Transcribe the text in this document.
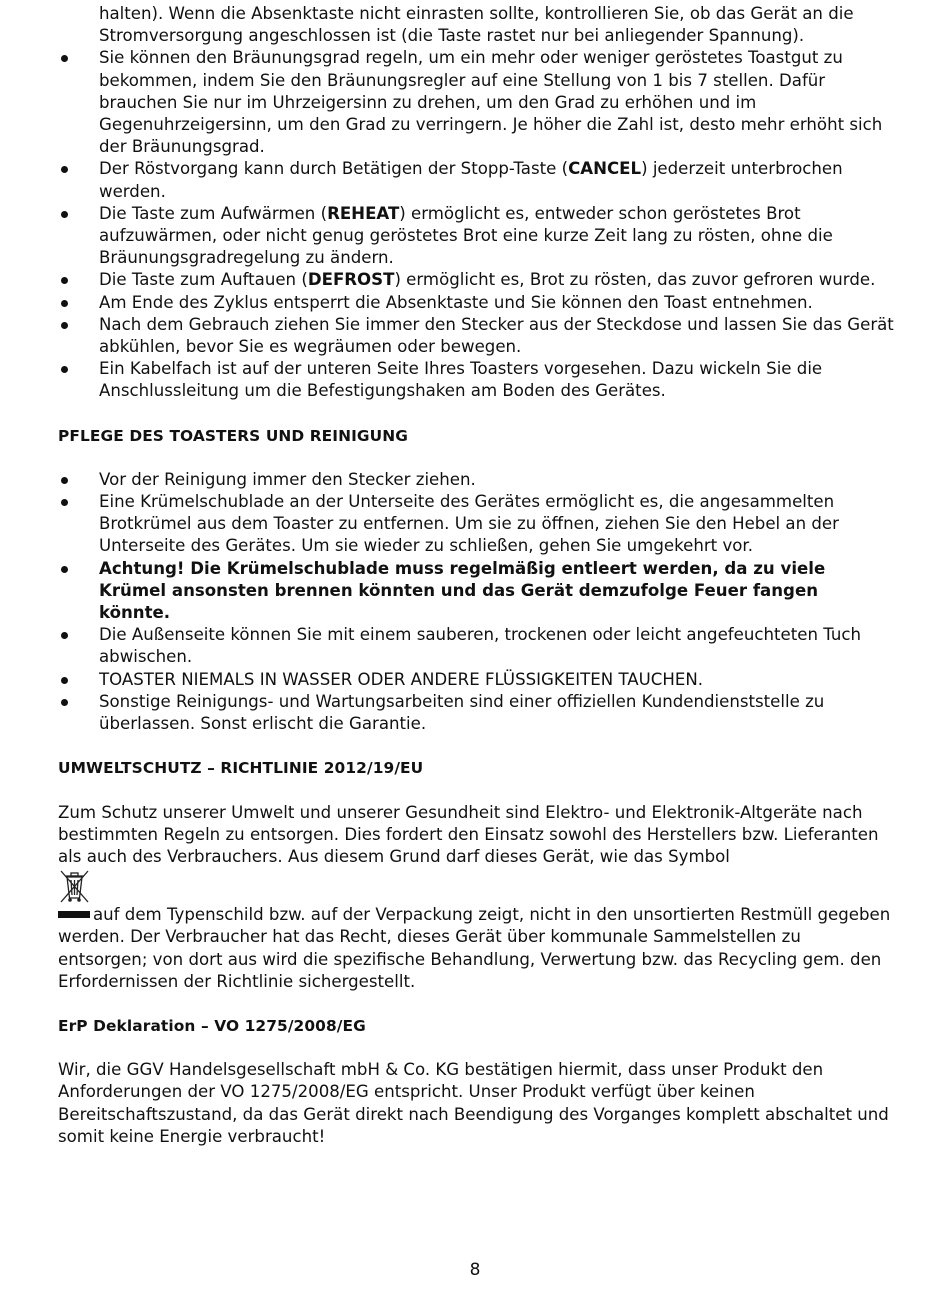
halten). Wenn die Absenktaste nicht einrasten sollte, kontrollieren Sie, ob das Gerät an die Stromversorgung angeschlossen ist (die Taste rastet nur bei anliegender Spannung).
Sie können den Bräunungsgrad regeln, um ein mehr oder weniger geröstetes Toastgut zu bekommen, indem Sie den Bräunungsregler auf eine Stellung von 1 bis 7 stellen. Dafür brauchen Sie nur im Uhrzeigersinn zu drehen, um den Grad zu erhöhen und im Gegenuhrzeigersinn, um den Grad zu verringern. Je höher die Zahl ist, desto mehr erhöht sich der Bräunungsgrad.
Der Röstvorgang kann durch Betätigen der Stopp-Taste (CANCEL) jederzeit unterbrochen werden.
Die Taste zum Aufwärmen (REHEAT) ermöglicht es, entweder schon geröstetes Brot aufzuwärmen, oder nicht genug geröstetes Brot eine kurze Zeit lang zu rösten, ohne die Bräunungsgradregelung zu ändern.
Die Taste zum Auftauen (DEFROST) ermöglicht es, Brot zu rösten, das zuvor gefroren wurde.
Am Ende des Zyklus entsperrt die Absenktaste und Sie können den Toast entnehmen.
Nach dem Gebrauch ziehen Sie immer den Stecker aus der Steckdose und lassen Sie das Gerät abkühlen, bevor Sie es wegräumen oder bewegen.
Ein Kabelfach ist auf der unteren Seite Ihres Toasters vorgesehen. Dazu wickeln Sie die Anschlussleitung um die Befestigungshaken am Boden des Gerätes.

PFLEGE DES TOASTERS UND REINIGUNG

Vor der Reinigung immer den Stecker ziehen.
Eine Krümelschublade an der Unterseite des Gerätes ermöglicht es, die angesammelten Brotkrümel aus dem Toaster zu entfernen. Um sie zu öffnen, ziehen Sie den Hebel an der Unterseite des Gerätes. Um sie wieder zu schließen, gehen Sie umgekehrt vor.
Achtung! Die Krümelschublade muss regelmäßig entleert werden, da zu viele Krümel ansonsten brennen könnten und das Gerät demzufolge Feuer fangen könnte.
Die Außenseite können Sie mit einem sauberen, trockenen oder leicht angefeuchteten Tuch abwischen.
TOASTER NIEMALS IN WASSER ODER ANDERE FLÜSSIGKEITEN TAUCHEN.
Sonstige Reinigungs- und Wartungsarbeiten sind einer offiziellen Kundendienststelle zu überlassen. Sonst erlischt die Garantie.

UMWELTSCHUTZ – RICHTLINIE 2012/19/EU

Zum Schutz unserer Umwelt und unserer Gesundheit sind Elektro- und Elektronik-Altgeräte nach bestimmten Regeln zu entsorgen. Dies fordert den Einsatz sowohl des Herstellers bzw. Lieferanten als auch des Verbrauchers. Aus diesem Grund darf dieses Gerät, wie das Symbol

auf dem Typenschild bzw. auf der Verpackung zeigt, nicht in den unsortierten Restmüll gegeben werden. Der Verbraucher hat das Recht, dieses Gerät über kommunale Sammelstellen zu entsorgen; von dort aus wird die spezifische Behandlung, Verwertung bzw. das Recycling gem. den Erfordernissen der Richtlinie sichergestellt.

ErP Deklaration – VO 1275/2008/EG

Wir, die GGV Handelsgesellschaft mbH & Co. KG bestätigen hiermit, dass unser Produkt den Anforderungen der VO 1275/2008/EG entspricht. Unser Produkt verfügt über keinen Bereitschaftszustand, da das Gerät direkt nach Beendigung des Vorganges komplett abschaltet und somit keine Energie verbraucht!

8
